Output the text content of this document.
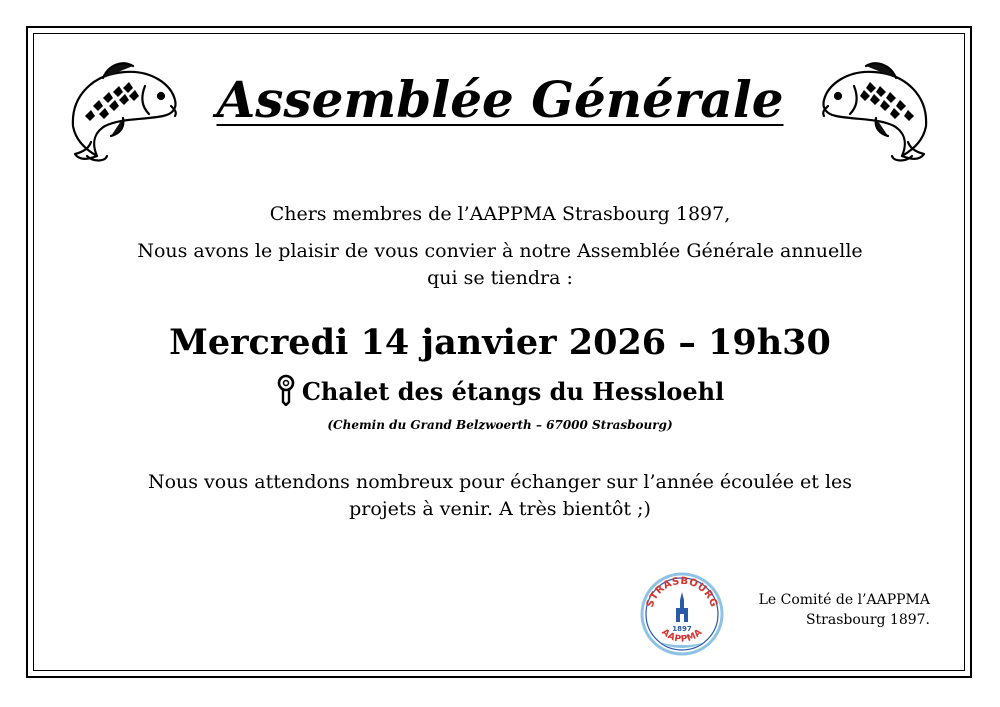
Assemblée Générale
Chers membres de l’AAPPMA Strasbourg 1897,
Nous avons le plaisir de vous convier à notre Assemblée Générale annuelle
qui se tiendra :
Mercredi 14 janvier 2026 – 19h30
Chalet des étangs du Hessloehl
(Chemin du Grand Belzwoerth – 67000 Strasbourg)
Nous vous attendons nombreux pour échanger sur l’année écoulée et les
projets à venir. A très bientôt ;)
STRASBOURG
1897
AAPPMA
Le Comité de l’AAPPMA
Strasbourg 1897.
